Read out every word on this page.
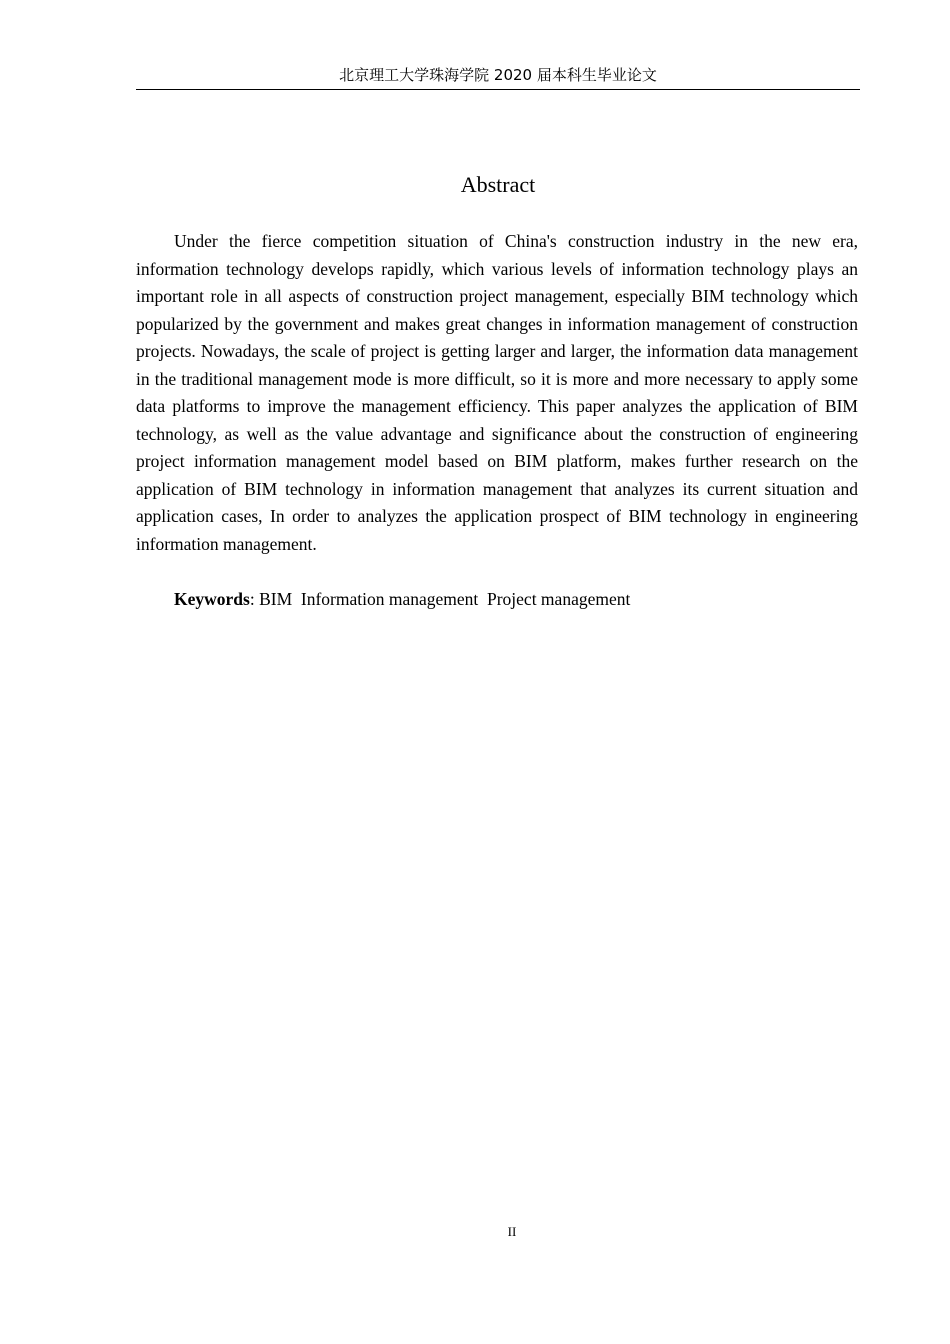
北京理工大学珠海学院 2020 届本科生毕业论文
Abstract

Under the fierce competition situation of China's construction industry in the new era, information technology develops rapidly, which various levels of information technology plays an important role in all aspects of construction project management, especially BIM technology which popularized by the government and makes great changes in information management of construction projects. Nowadays, the scale of project is getting larger and larger, the information data management in the traditional management mode is more difficult, so it is more and more necessary to apply some data platforms to improve the management efficiency. This paper analyzes the application of BIM technology, as well as the value advantage and significance about the construction of engineering project information management model based on BIM platform, makes further research on the application of BIM technology in information management that analyzes its current situation and application cases, In order to analyzes the application prospect of BIM technology in engineering information management.

Keywords: BIM  Information management  Project management

II
